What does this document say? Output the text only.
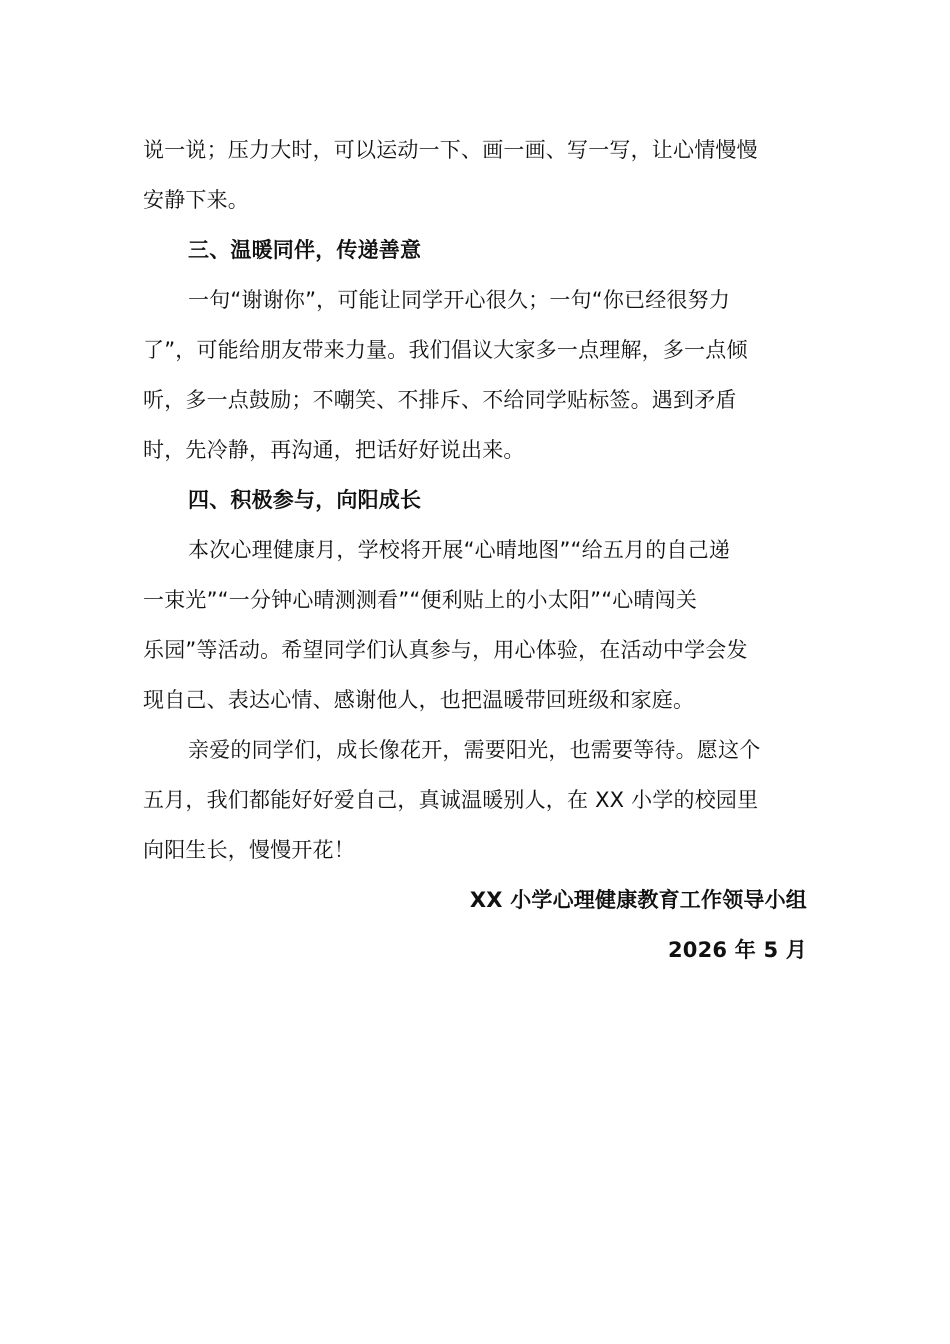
说一说；压力大时，可以运动一下、画一画、写一写，让心情慢慢
安静下来。
三、温暖同伴，传递善意
一句“谢谢你”，可能让同学开心很久；一句“你已经很努力
了”，可能给朋友带来力量。我们倡议大家多一点理解，多一点倾
听，多一点鼓励；不嘲笑、不排斥、不给同学贴标签。遇到矛盾
时，先冷静，再沟通，把话好好说出来。
四、积极参与，向阳成长
本次心理健康月，学校将开展“心晴地图”“给五月的自己递
一束光”“一分钟心晴测测看”“便利贴上的小太阳”“心晴闯关
乐园”等活动。希望同学们认真参与，用心体验，在活动中学会发
现自己、表达心情、感谢他人，也把温暖带回班级和家庭。
亲爱的同学们，成长像花开，需要阳光，也需要等待。愿这个
五月，我们都能好好爱自己，真诚温暖别人，在 XX 小学的校园里
向阳生长，慢慢开花！
XX 小学心理健康教育工作领导小组
2026 年 5 月
